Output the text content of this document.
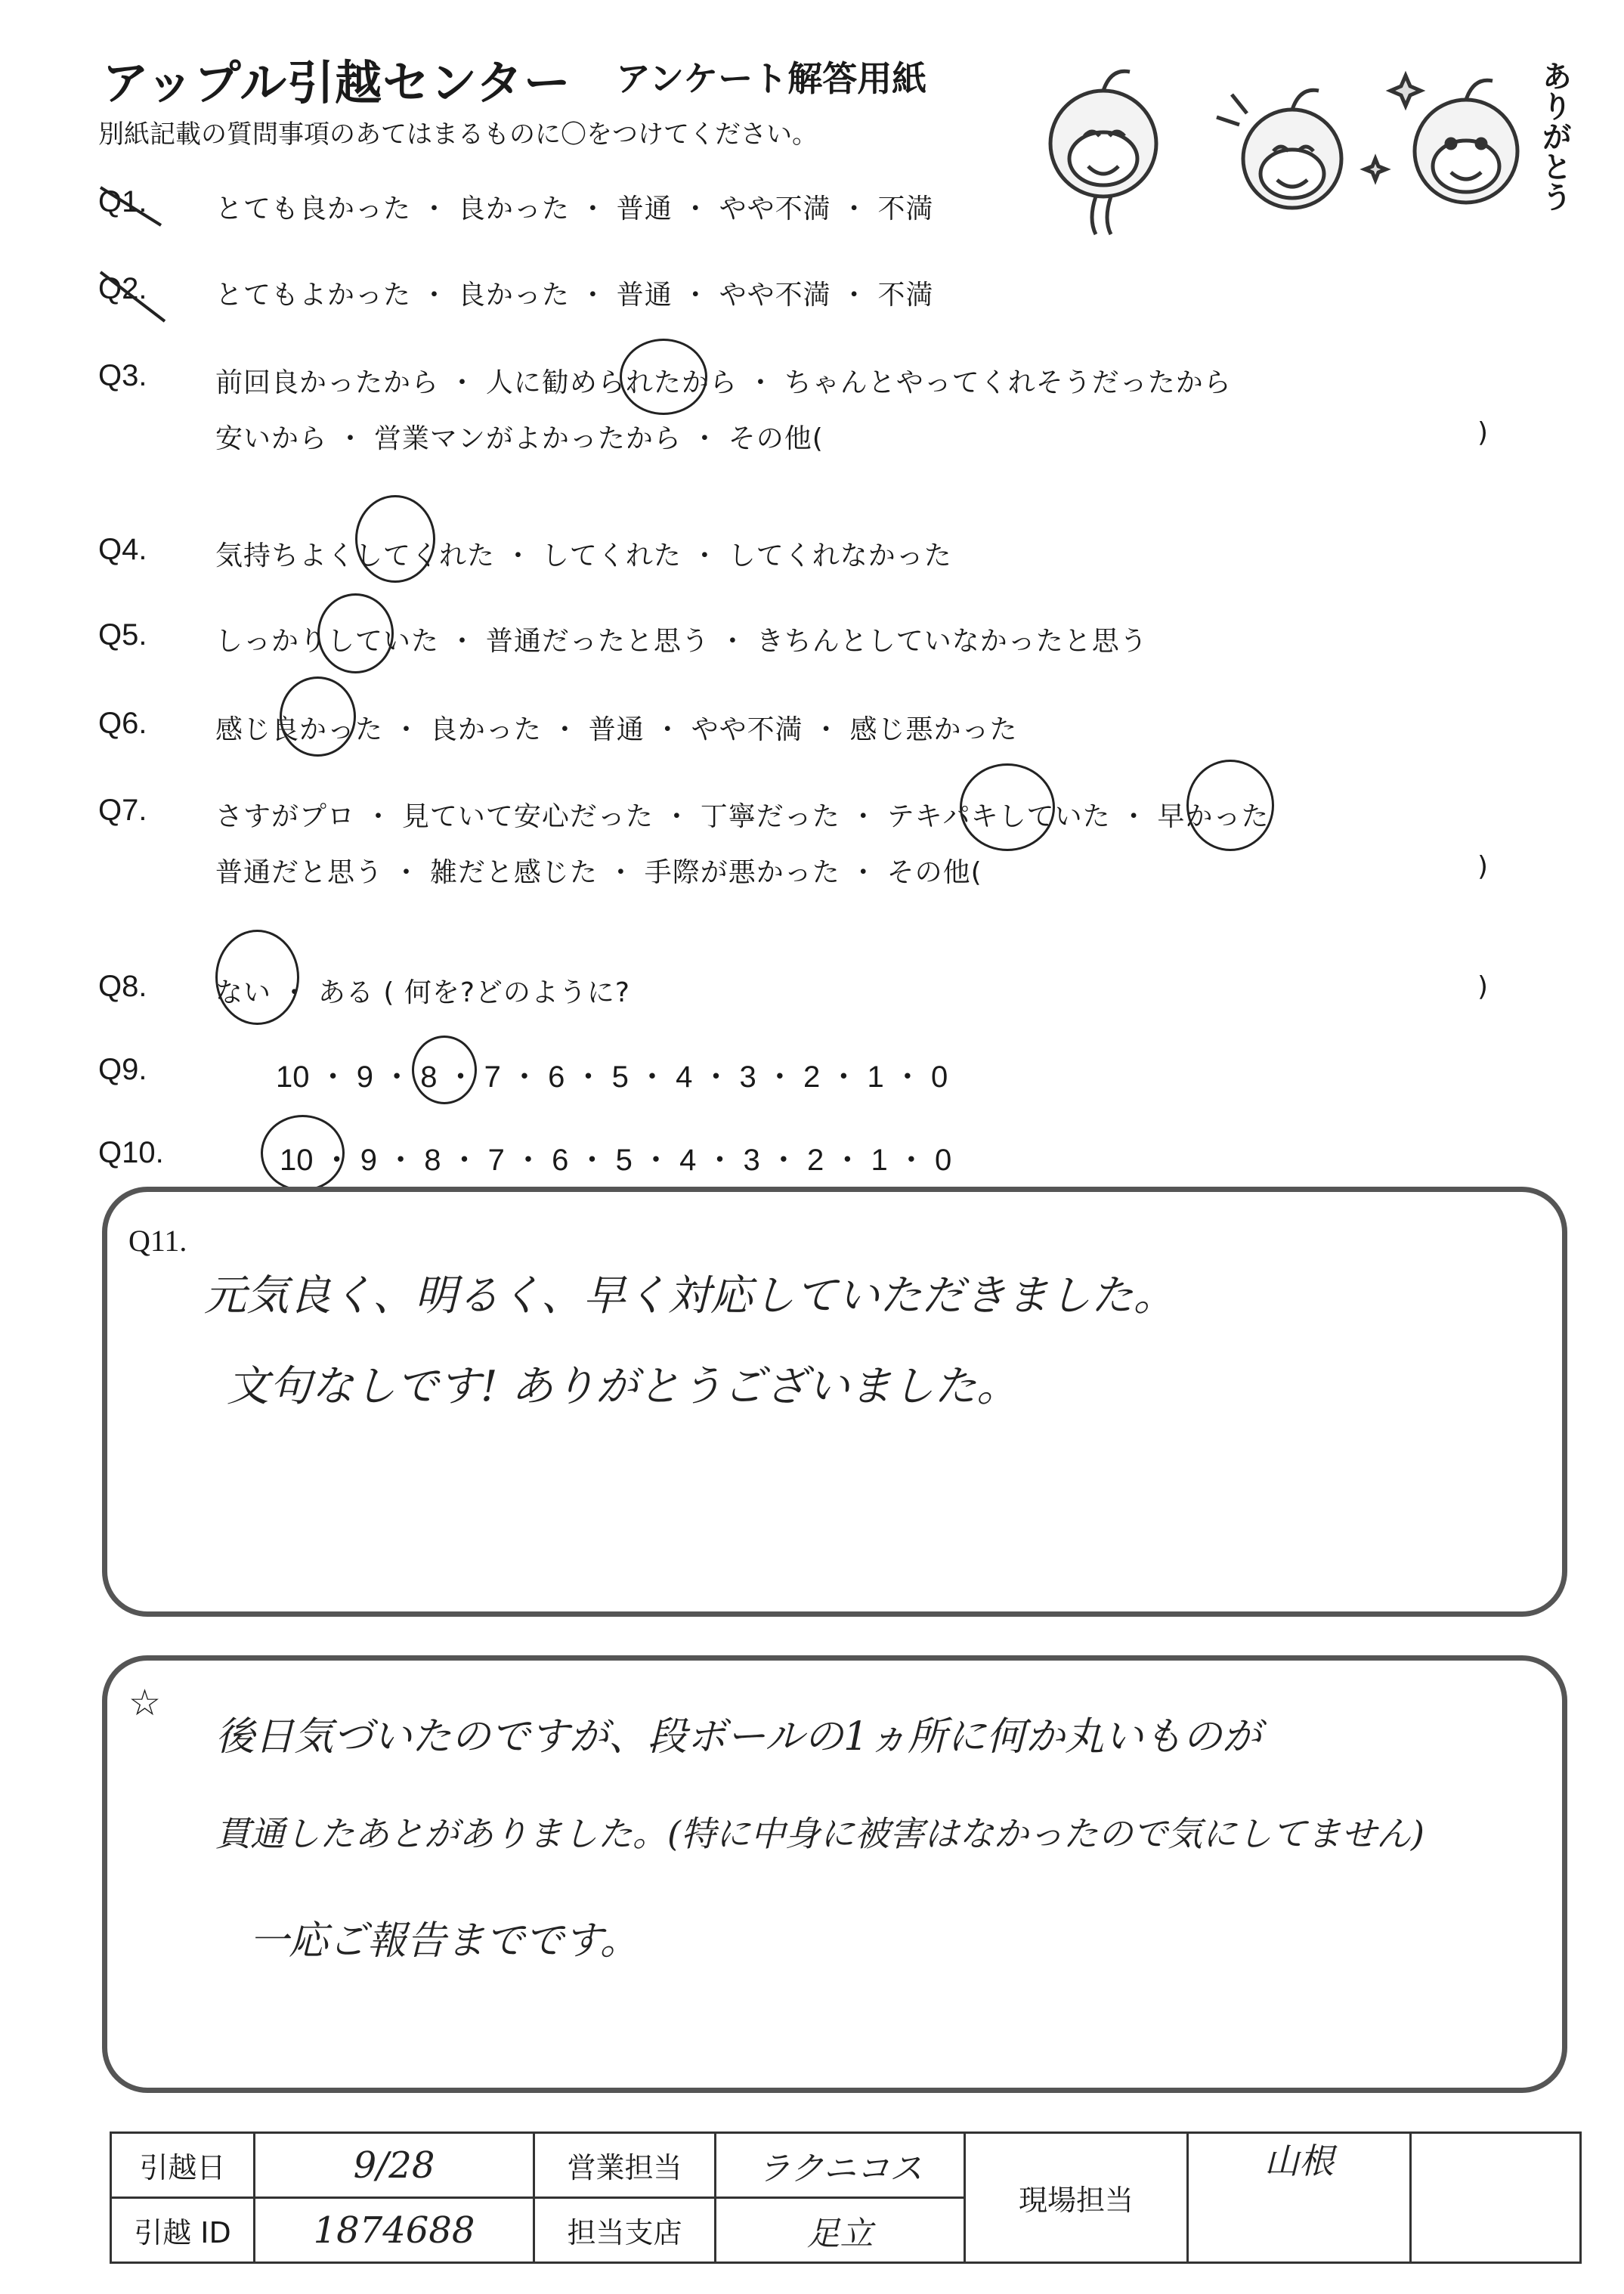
アップル引越センター アンケート解答用紙
別紙記載の質問事項のあてはまるものに〇をつけてください。	ありがとう
Q1.	とても良かった ・ 良かった ・ 普通 ・ やや不満 ・ 不満
Q2.	とてもよかった ・ 良かった ・ 普通 ・ やや不満 ・ 不満
Q3.	前回良かったから ・ 人に勧められたから ・ ちゃんとやってくれそうだったから
安いから ・ 営業マンがよかったから ・ その他(	)
Q4.	気持ちよくしてくれた ・ してくれた ・ してくれなかった
Q5.	しっかりしていた ・ 普通だったと思う ・ きちんとしていなかったと思う
Q6.	感じ良かった ・ 良かった ・ 普通 ・ やや不満 ・ 感じ悪かった
Q7.	さすがプロ ・ 見ていて安心だった ・ 丁寧だった ・ テキパキしていた ・ 早かった
普通だと思う ・ 雑だと感じた ・ 手際が悪かった ・ その他(	)
Q8.	ない ・ ある ( 何を?どのように?	)
Q9.	10 ・ 9 ・ 8 ・ 7 ・ 6 ・ 5 ・ 4 ・ 3 ・ 2 ・ 1 ・ 0
Q10.	10 ・ 9 ・ 8 ・ 7 ・ 6 ・ 5 ・ 4 ・ 3 ・ 2 ・ 1 ・ 0
Q11.
元気良く、明るく、早く対応していただきました。
文句なしです! ありがとうございました。
☆
後日気づいたのですが、段ボールの1ヵ所に何か丸いものが
貫通したあとがありました。(特に中身に被害はなかったので気にしてません)
一応ご報告までです。
引越日	9/28	営業担当	ラクニコス	現場担当	山根	
引越 ID	1874688	担当支店	足立			
